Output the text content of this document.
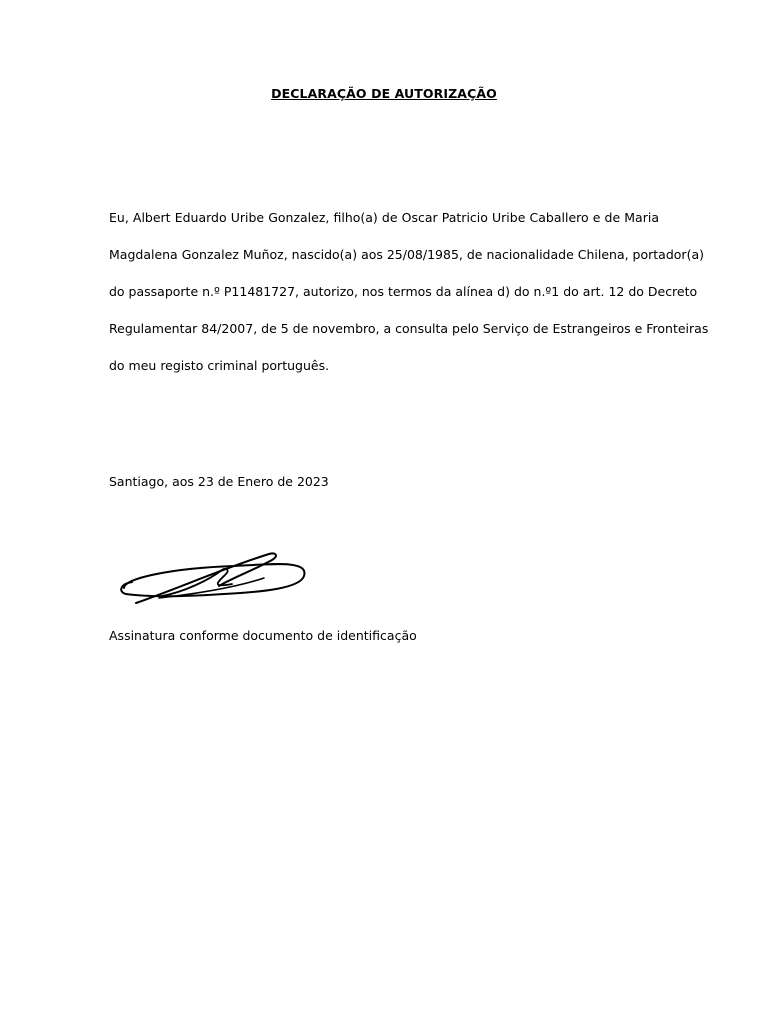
DECLARAÇÃO DE AUTORIZAÇÃO
Eu, Albert Eduardo Uribe Gonzalez, filho(a) de Oscar Patricio Uribe Caballero e de Maria
Magdalena Gonzalez Muñoz, nascido(a) aos 25/08/1985, de nacionalidade Chilena, portador(a)
do passaporte n.º P11481727, autorizo, nos termos da alínea d) do n.º1 do art. 12 do Decreto
Regulamentar 84/2007, de 5 de novembro, a consulta pelo Serviço de Estrangeiros e Fronteiras
do meu registo criminal português.
Santiago, aos 23 de Enero de 2023
Assinatura conforme documento de identificação
